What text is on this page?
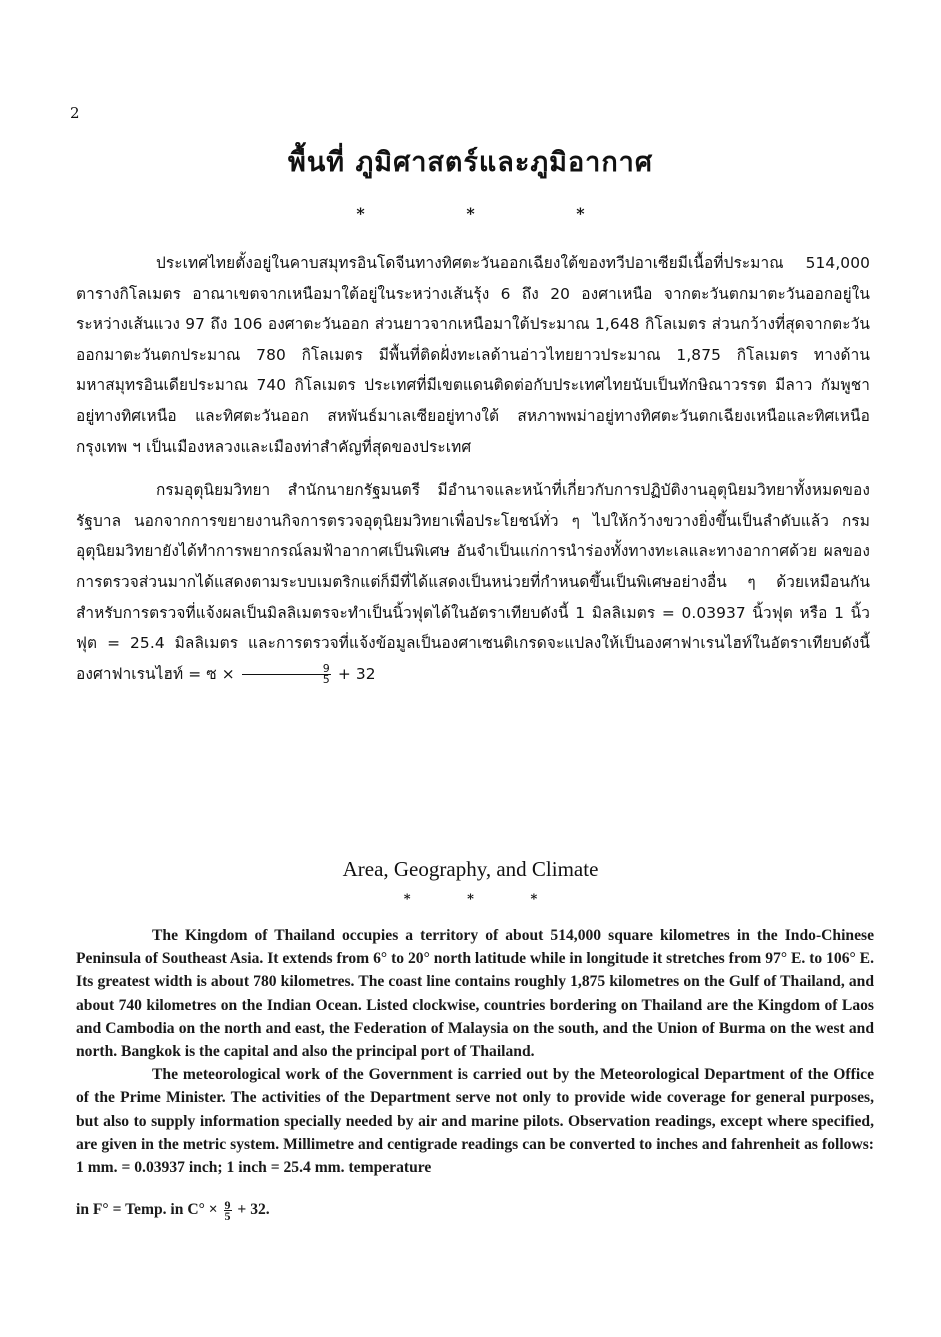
2
พื้นที่ ภูมิศาสตร์และภูมิอากาศ
*	*	*

ประเทศไทยตั้งอยู่ในคาบสมุทรอินโดจีนทางทิศตะวันออกเฉียงใต้ของทวีปอาเซียมีเนื้อที่ประมาณ 514,000 ตารางกิโลเมตร อาณาเขตจากเหนือมาใต้อยู่ในระหว่างเส้นรุ้ง 6 ถึง 20 องศาเหนือ จากตะวันตกมาตะวันออกอยู่ในระหว่างเส้นแวง 97 ถึง 106 องศาตะวันออก ส่วนยาวจากเหนือมาใต้ประมาณ 1,648 กิโลเมตร ส่วนกว้างที่สุดจากตะวันออกมาตะวันตกประมาณ 780 กิโลเมตร มีพื้นที่ติดฝั่งทะเลด้านอ่าวไทยยาวประมาณ 1,875 กิโลเมตร ทางด้านมหาสมุทรอินเดียประมาณ 740 กิโลเมตร ประเทศที่มีเขตแดนติดต่อกับประเทศไทยนับเป็นทักษิณาวรรต มีลาว กัมพูชา อยู่ทางทิศเหนือ และทิศตะวันออก สหพันธ์มาเลเซียอยู่ทางใต้ สหภาพพม่าอยู่ทางทิศตะวันตกเฉียงเหนือและทิศเหนือ กรุงเทพ ฯ เป็นเมืองหลวงและเมืองท่าสำคัญที่สุดของประเทศ

กรมอุตุนิยมวิทยา สำนักนายกรัฐมนตรี มีอำนาจและหน้าที่เกี่ยวกับการปฏิบัติงานอุตุนิยมวิทยาทั้งหมดของรัฐบาล นอกจากการขยายงานกิจการตรวจอุตุนิยมวิทยาเพื่อประโยชน์ทั่ว ๆ ไปให้กว้างขวางยิ่งขึ้นเป็นลำดับแล้ว กรมอุตุนิยมวิทยายังได้ทำการพยากรณ์ลมฟ้าอากาศเป็นพิเศษ อันจำเป็นแก่การนำร่องทั้งทางทะเลและทางอากาศด้วย ผลของการตรวจส่วนมากได้แสดงตามระบบเมตริกแต่ก็มีที่ได้แสดงเป็นหน่วยที่กำหนดขึ้นเป็นพิเศษอย่างอื่น ๆ ด้วยเหมือนกัน สำหรับการตรวจที่แจ้งผลเป็นมิลลิเมตรจะทำเป็นนิ้วฟุตได้ในอัตราเทียบดังนี้ 1 มิลลิเมตร = 0.03937 นิ้วฟุต หรือ 1 นิ้วฟุต = 25.4 มิลลิเมตร และการตรวจที่แจ้งข้อมูลเป็นองศาเซนติเกรดจะแปลงให้เป็นองศาฟาเรนไฮท์ในอัตราเทียบดังนี้ องศาฟาเรนไฮท์ = ซ × $\frac{9}{5} + 32$

Area, Geography, and Climate
*	*	*

The Kingdom of Thailand occupies a territory of about 514,000 square kilometres in the Indo-Chinese Peninsula of Southeast Asia. It extends from 6° to 20° north latitude while in longitude it stretches from 97° E. to 106° E. Its greatest width is about 780 kilometres. The coast line contains roughly 1,875 kilometres on the Gulf of Thailand, and about 740 kilometres on the Indian Ocean. Listed clockwise, countries bordering on Thailand are the Kingdom of Laos and Cambodia on the north and east, the Federation of Malaysia on the south, and the Union of Burma on the west and north. Bangkok is the capital and also the principal port of Thailand.

The meteorological work of the Government is carried out by the Meteorological Department of the Office of the Prime Minister. The activities of the Department serve not only to provide wide coverage for general purposes, but also to supply information specially needed by air and marine pilots. Observation readings, except where specified, are given in the metric system. Millimetre and centigrade readings can be converted to inches and fahrenheit as follows: 1 mm. = 0.03937 inch; 1 inch = 25.4 mm. temperature

in F° = Temp. in $C^\circ \times \frac{9}{5} + 32$.
